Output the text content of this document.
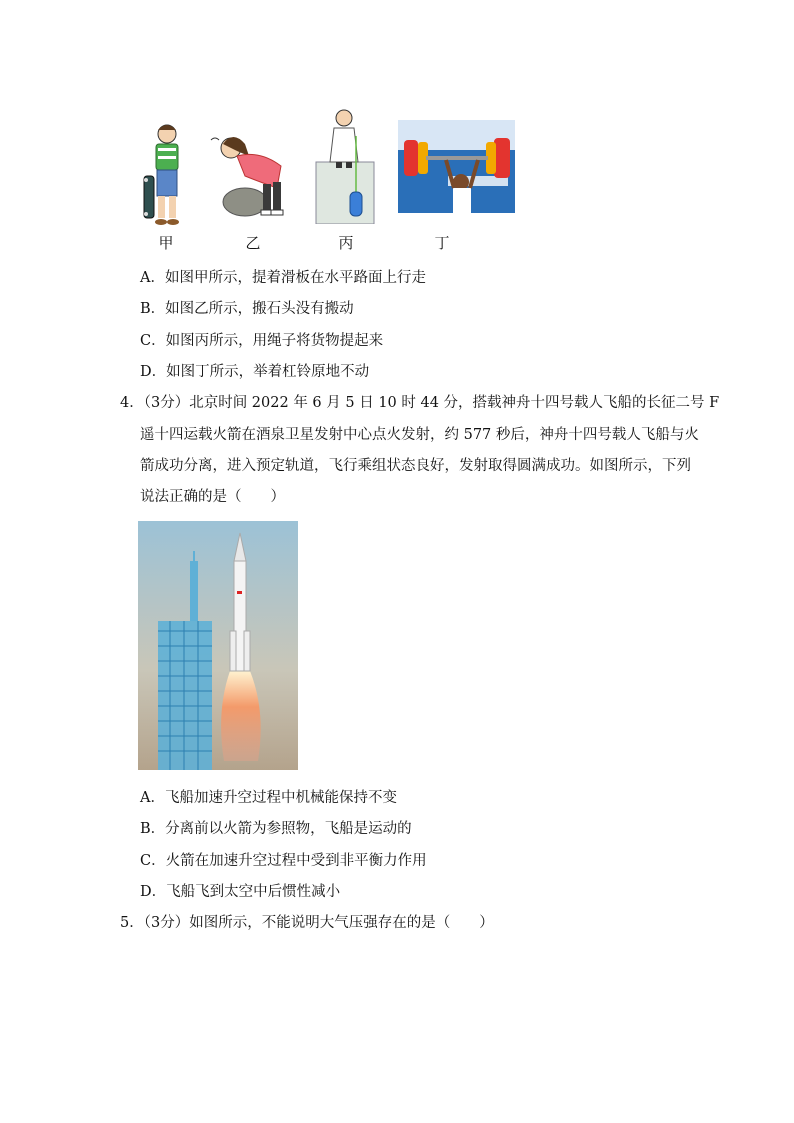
甲	乙	丙	丁
A．如图甲所示，提着滑板在水平路面上行走
B．如图乙所示，搬石头没有搬动
C．如图丙所示，用绳子将货物提起来
D．如图丁所示，举着杠铃原地不动
4．（3分）北京时间 2022 年 6 月 5 日 10 时 44 分，搭载神舟十四号载人飞船的长征二号 F
遥十四运载火箭在酒泉卫星发射中心点火发射，约 577 秒后，神舟十四号载人飞船与火
箭成功分离，进入预定轨道，飞行乘组状态良好，发射取得圆满成功。如图所示，下列
说法正确的是（　　）
A．飞船加速升空过程中机械能保持不变
B．分离前以火箭为参照物，飞船是运动的
C．火箭在加速升空过程中受到非平衡力作用
D．飞船飞到太空中后惯性减小
5．（3分）如图所示，不能说明大气压强存在的是（　　）
